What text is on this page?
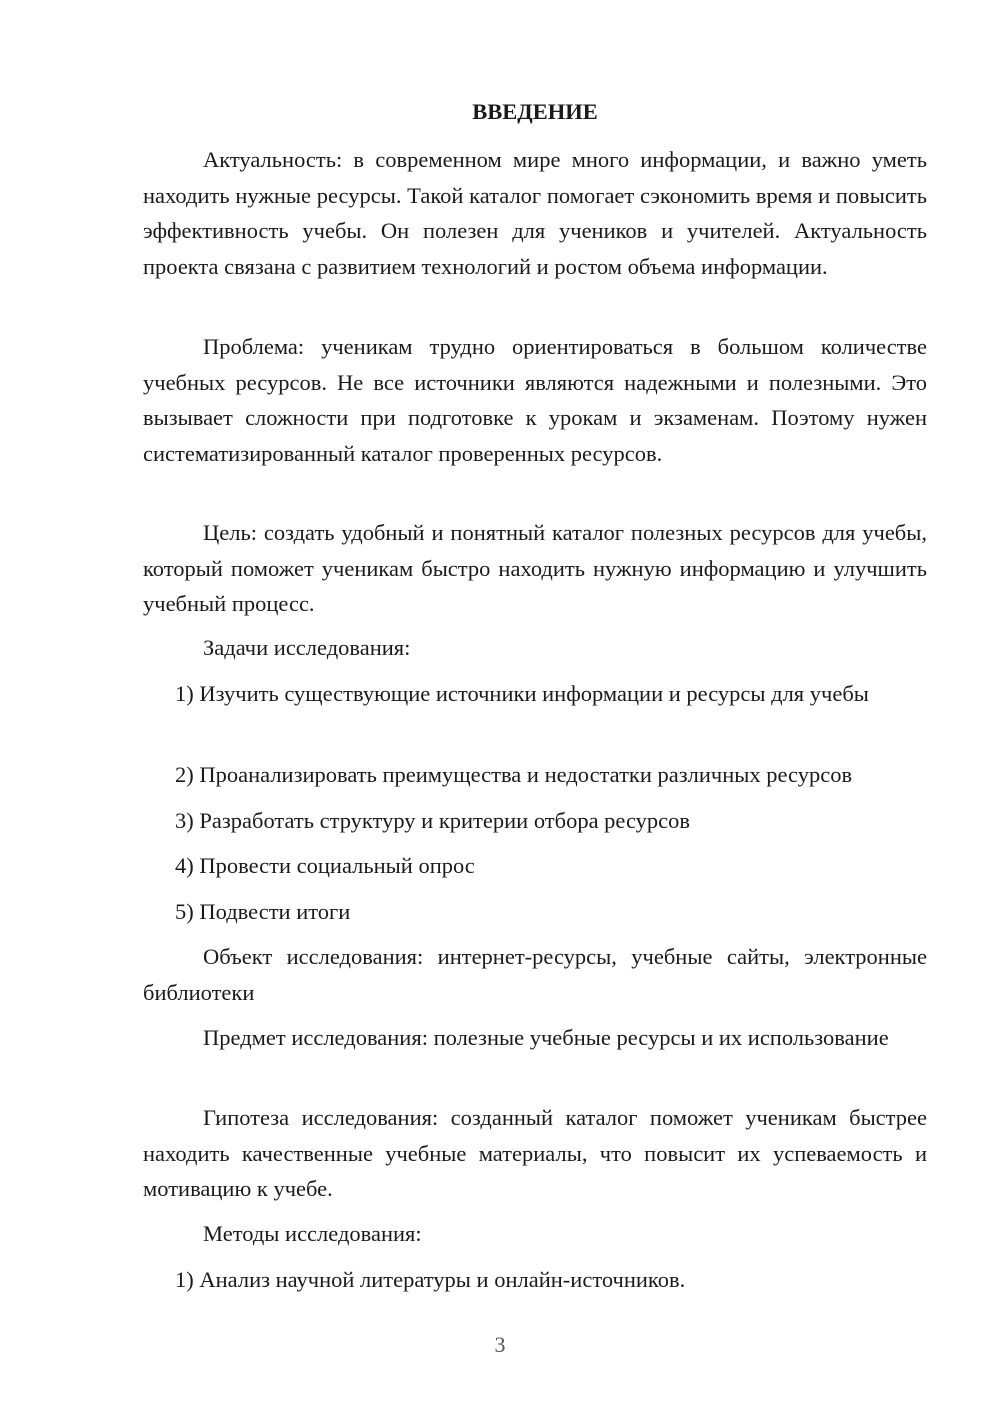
ВВЕДЕНИЕ

Актуальность: в современном мире много информации, и важно уметь находить нужные ресурсы. Такой каталог помогает сэкономить время и повысить эффективность учебы. Он полезен для учеников и учителей. Актуальность проекта связана с развитием технологий и ростом объема информации.

Проблема: ученикам трудно ориентироваться в большом количестве учебных ресурсов. Не все источники являются надежными и полезными. Это вызывает сложности при подготовке к урокам и экзаменам. Поэтому нужен систематизированный каталог проверенных ресурсов.

Цель: создать удобный и понятный каталог полезных ресурсов для учебы, который поможет ученикам быстро находить нужную информацию и улучшить учебный процесс.

Задачи исследования:

1) Изучить существующие источники информации и ресурсы для учебы

2) Проанализировать преимущества и недостатки различных ресурсов

3) Разработать структуру и критерии отбора ресурсов

4) Провести социальный опрос

5) Подвести итоги

Объект исследования: интернет-ресурсы, учебные сайты, электронные библиотеки

Предмет исследования: полезные учебные ресурсы и их использование

Гипотеза исследования: созданный каталог поможет ученикам быстрее находить качественные учебные материалы, что повысит их успеваемость и мотивацию к учебе.

Методы исследования:

1) Анализ научной литературы и онлайн-источников.

3
